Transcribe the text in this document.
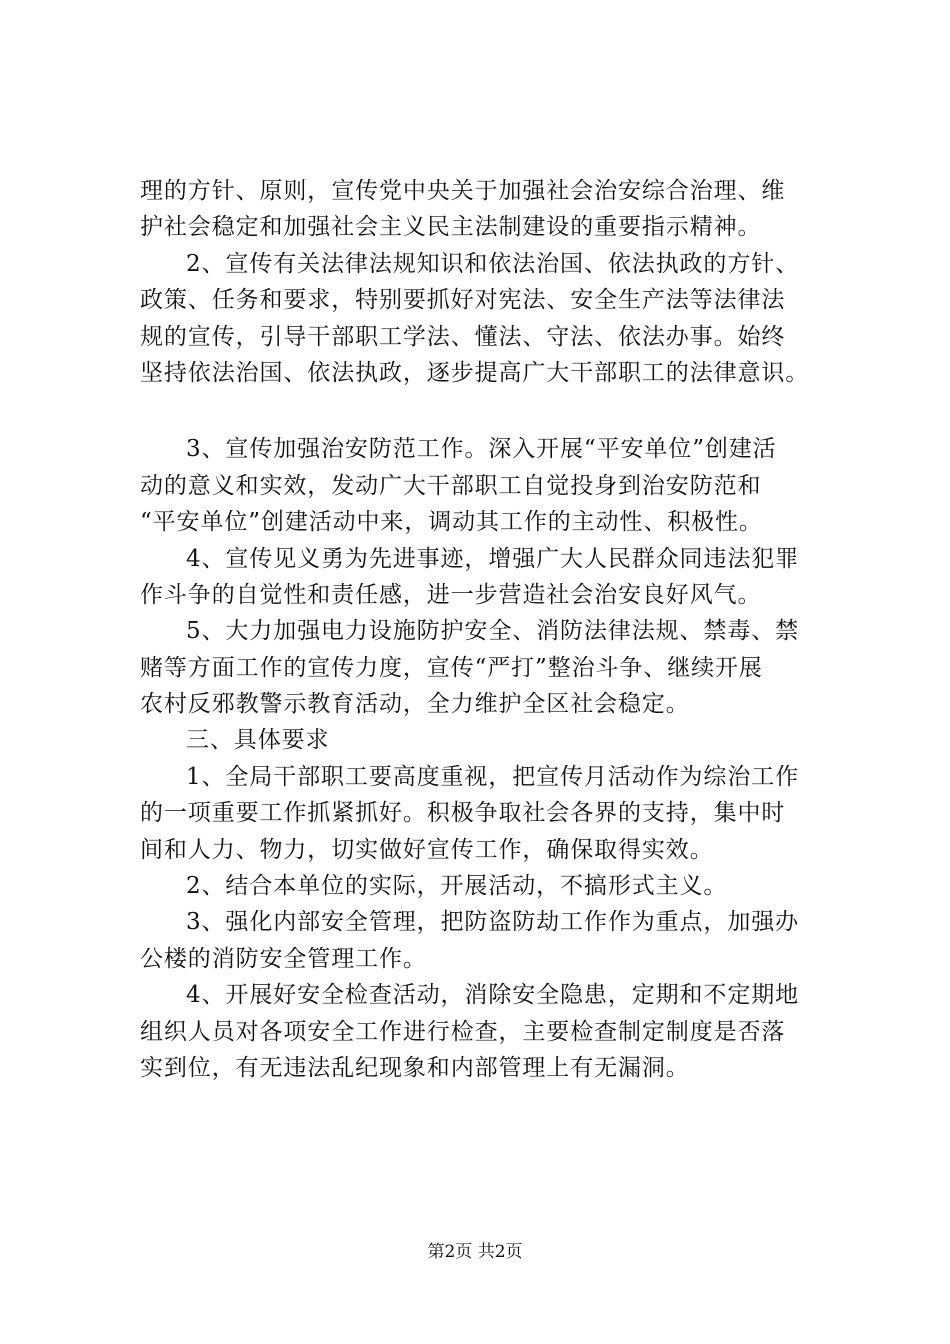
理的方针、原则，宣传党中央关于加强社会治安综合治理、维
护社会稳定和加强社会主义民主法制建设的重要指示精神。
2、宣传有关法律法规知识和依法治国、依法执政的方针、
政策、任务和要求，特别要抓好对宪法、安全生产法等法律法
规的宣传，引导干部职工学法、懂法、守法、依法办事。始终
坚持依法治国、依法执政，逐步提高广大干部职工的法律意识。
3、宣传加强治安防范工作。深入开展“平安单位”创建活
动的意义和实效，发动广大干部职工自觉投身到治安防范和
“平安单位”创建活动中来，调动其工作的主动性、积极性。
4、宣传见义勇为先进事迹，增强广大人民群众同违法犯罪
作斗争的自觉性和责任感，进一步营造社会治安良好风气。
5、大力加强电力设施防护安全、消防法律法规、禁毒、禁
赌等方面工作的宣传力度，宣传“严打”整治斗争、继续开展
农村反邪教警示教育活动，全力维护全区社会稳定。
三、具体要求
1、全局干部职工要高度重视，把宣传月活动作为综治工作
的一项重要工作抓紧抓好。积极争取社会各界的支持，集中时
间和人力、物力，切实做好宣传工作，确保取得实效。
2、结合本单位的实际，开展活动，不搞形式主义。
3、强化内部安全管理，把防盗防劫工作作为重点，加强办
公楼的消防安全管理工作。
4、开展好安全检查活动，消除安全隐患，定期和不定期地
组织人员对各项安全工作进行检查，主要检查制定制度是否落
实到位，有无违法乱纪现象和内部管理上有无漏洞。
第2页 共2页
